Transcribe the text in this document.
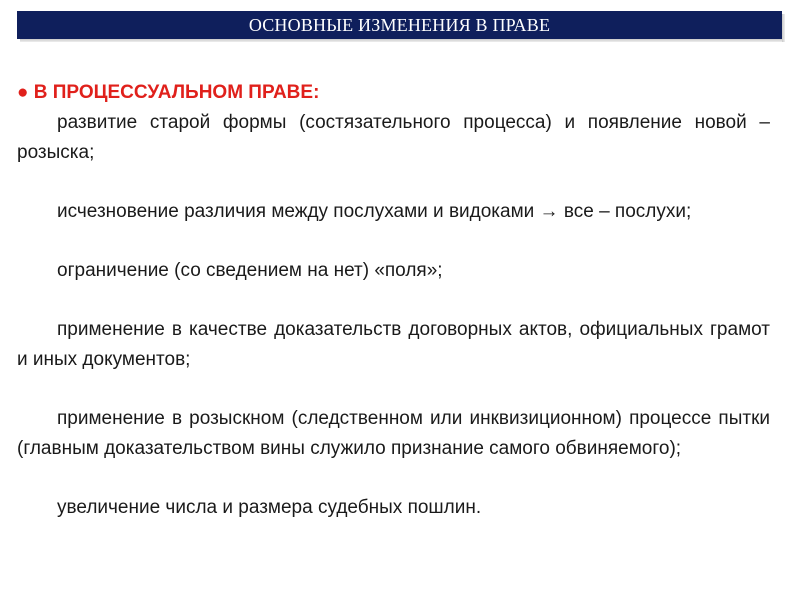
ОСНОВНЫЕ ИЗМЕНЕНИЯ В ПРАВЕ

● В ПРОЦЕССУАЛЬНОМ ПРАВЕ:

развитие старой формы (состязательного процесса) и появление новой – розыска;

исчезновение различия между послухами и видоками → все – послухи;

ограничение (со сведением на нет) «поля»;

применение в качестве доказательств договорных актов, официальных грамот и иных документов;

применение в розыскном (следственном или инквизиционном) процессе пытки (главным доказательством вины служило признание самого обвиняемого);

увеличение числа и размера судебных пошлин.
